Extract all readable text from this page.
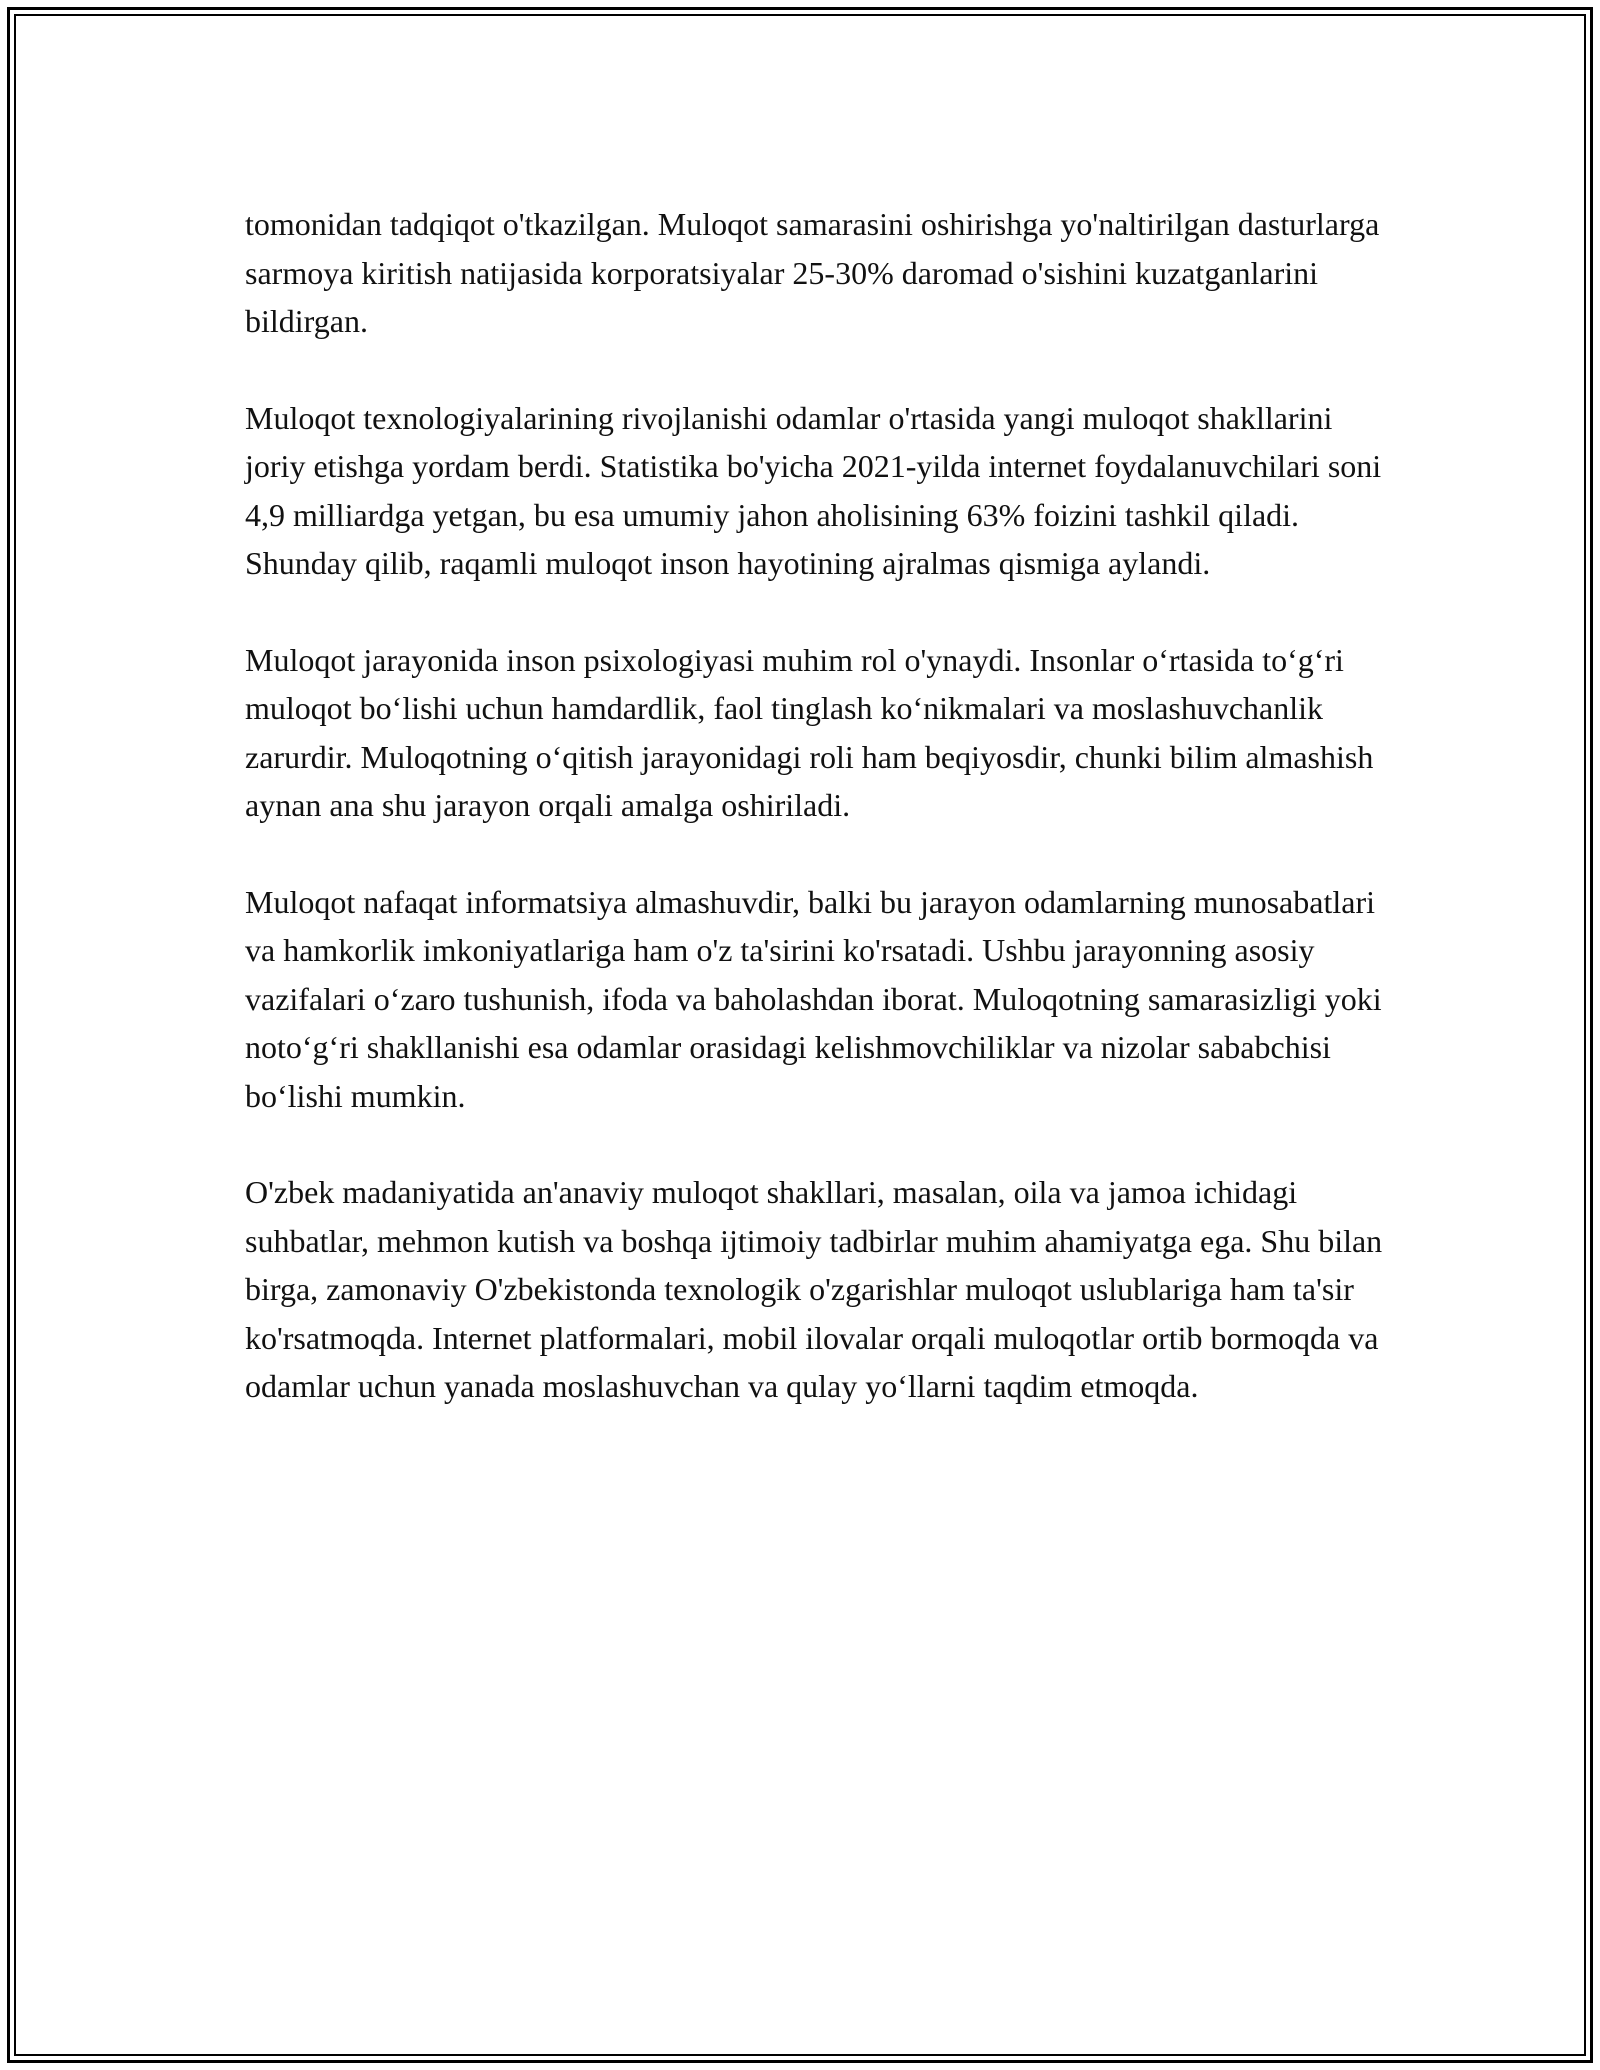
tomonidan tadqiqot o'tkazilgan. Muloqot samarasini oshirishga yo'naltirilgan dasturlarga sarmoya kiritish natijasida korporatsiyalar 25-30% daromad o'sishini kuzatganlarini bildirgan.

Muloqot texnologiyalarining rivojlanishi odamlar o'rtasida yangi muloqot shakllarini joriy etishga yordam berdi. Statistika bo'yicha 2021-yilda internet foydalanuvchilari soni 4,9 milliardga yetgan, bu esa umumiy jahon aholisining 63% foizini tashkil qiladi. Shunday qilib, raqamli muloqot inson hayotining ajralmas qismiga aylandi.

Muloqot jarayonida inson psixologiyasi muhim rol o'ynaydi. Insonlar o‘rtasida to‘g‘ri muloqot bo‘lishi uchun hamdardlik, faol tinglash ko‘nikmalari va moslashuvchanlik zarurdir. Muloqotning o‘qitish jarayonidagi roli ham beqiyosdir, chunki bilim almashish aynan ana shu jarayon orqali amalga oshiriladi.

Muloqot nafaqat informatsiya almashuvdir, balki bu jarayon odamlarning munosabatlari va hamkorlik imkoniyatlariga ham o'z ta'sirini ko'rsatadi. Ushbu jarayonning asosiy vazifalari o‘zaro tushunish, ifoda va baholashdan iborat. Muloqotning samarasizligi yoki noto‘g‘ri shakllanishi esa odamlar orasidagi kelishmovchiliklar va nizolar sababchisi bo‘lishi mumkin.

O'zbek madaniyatida an'anaviy muloqot shakllari, masalan, oila va jamoa ichidagi suhbatlar, mehmon kutish va boshqa ijtimoiy tadbirlar muhim ahamiyatga ega. Shu bilan birga, zamonaviy O'zbekistonda texnologik o'zgarishlar muloqot uslublariga ham ta'sir ko'rsatmoqda. Internet platformalari, mobil ilovalar orqali muloqotlar ortib bormoqda va odamlar uchun yanada moslashuvchan va qulay yo‘llarni taqdim etmoqda.
